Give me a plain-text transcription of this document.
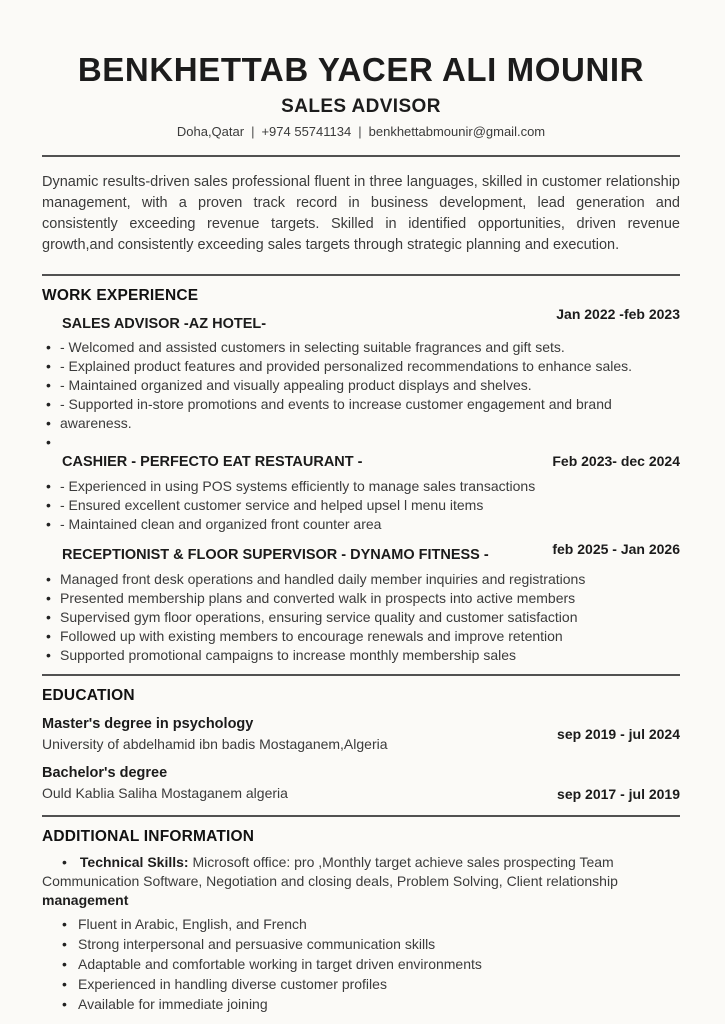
BENKHETTAB YACER ALI MOUNIR
SALES ADVISOR
Doha,Qatar | +974 55741134 | benkhettabmounir@gmail.com

Dynamic results-driven sales professional fluent in three languages, skilled in customer relationship management, with a proven track record in business development, lead generation and consistently exceeding revenue targets. Skilled in identified opportunities, driven revenue growth,and consistently exceeding sales targets through strategic planning and execution.

WORK EXPERIENCE
SALES ADVISOR -AZ HOTEL-
Jan 2022 -feb 2023
• - Welcomed and assisted customers in selecting suitable fragrances and gift sets.
• - Explained product features and provided personalized recommendations to enhance sales.
• - Maintained organized and visually appealing product displays and shelves.
• - Supported in-store promotions and events to increase customer engagement and brand
• awareness.
•
CASHIER - PERFECTO EAT RESTAURANT -	Feb 2023- dec 2024
• - Experienced in using POS systems efficiently to manage sales transactions
• - Ensured excellent customer service and helped upsel l menu items
• - Maintained clean and organized front counter area
RECEPTIONIST & FLOOR SUPERVISOR - DYNAMO FITNESS -	feb 2025 - Jan 2026
• Managed front desk operations and handled daily member inquiries and registrations
• Presented membership plans and converted walk in prospects into active members
• Supervised gym floor operations, ensuring service quality and customer satisfaction
• Followed up with existing members to encourage renewals and improve retention
• Supported promotional campaigns to increase monthly membership sales
EDUCATION
Master's degree in psychology
University of abdelhamid ibn badis Mostaganem,Algeria
sep 2019 - jul 2024
Bachelor's degree
Ould Kablia Saliha Mostaganem algeria	sep 2017 - jul 2019
ADDITIONAL INFORMATION

• Technical Skills: Microsoft office: pro ,Monthly target achieve sales prospecting Team Communication Software, Negotiation and closing deals, Problem Solving, Client relationship management

• Fluent in Arabic, English, and French
• Strong interpersonal and persuasive communication skills
• Adaptable and comfortable working in target driven environments
• Experienced in handling diverse customer profiles
• Available for immediate joining
